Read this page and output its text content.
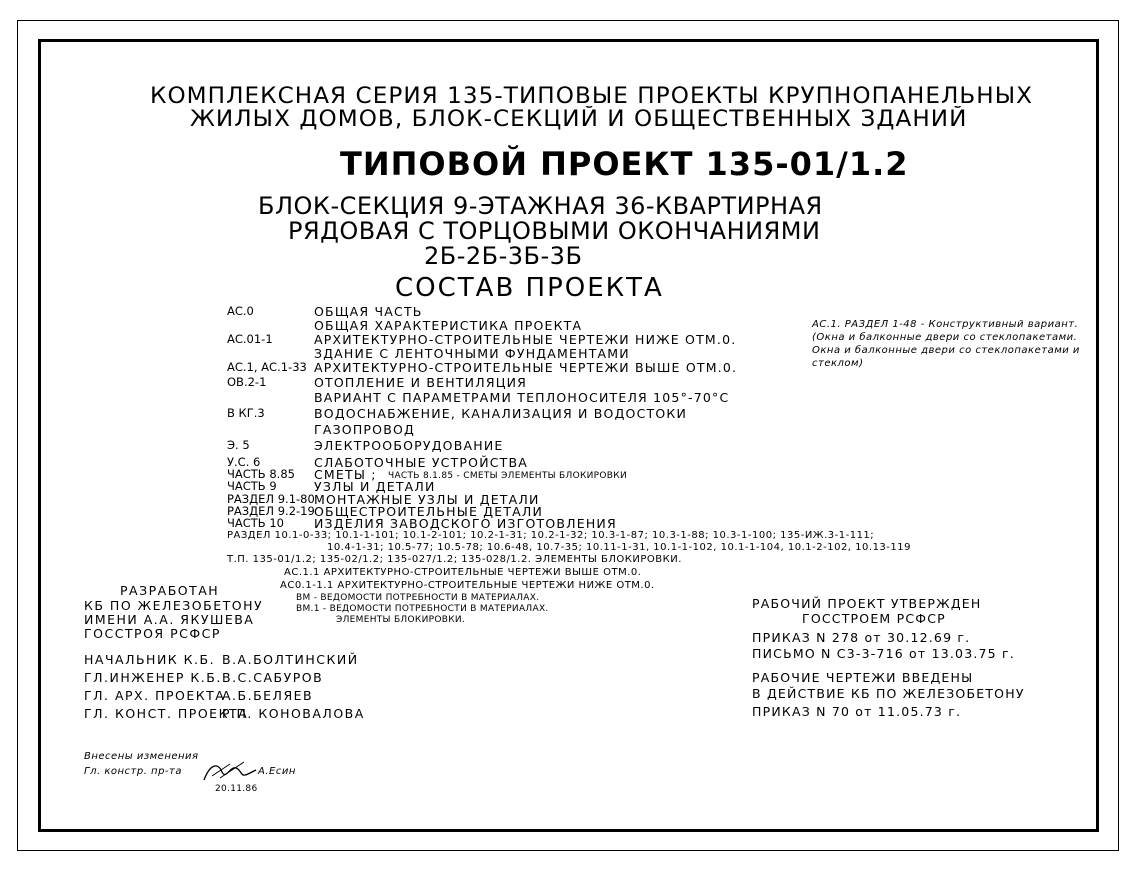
КОМПЛЕКСНАЯ СЕРИЯ 135-ТИПОВЫЕ ПРОЕКТЫ КРУПНОПАНЕЛЬНЫХ
ЖИЛЫХ ДОМОВ, БЛОК-СЕКЦИЙ И ОБЩЕСТВЕННЫХ ЗДАНИЙ
ТИПОВОЙ ПРОЕКТ 135-01/1.2
БЛОК-СЕКЦИЯ 9-ЭТАЖНАЯ 36-КВАРТИРНАЯ
РЯДОВАЯ С ТОРЦОВЫМИ ОКОНЧАНИЯМИ
2Б-2Б-3Б-3Б
СОСТАВ ПРОЕКТА
АС.0	ОБЩАЯ ЧАСТЬ
ОБЩАЯ ХАРАКТЕРИСТИКА ПРОЕКТА
АС.01-1	АРХИТЕКТУРНО-СТРОИТЕЛЬНЫЕ ЧЕРТЕЖИ НИЖЕ ОТМ.0.
ЗДАНИЕ С ЛЕНТОЧНЫМИ ФУНДАМЕНТАМИ
АС.1, АС.1-33 АРХИТЕКТУРНО-СТРОИТЕЛЬНЫЕ ЧЕРТЕЖИ ВЫШЕ ОТМ.0.
ОВ.2-1	ОТОПЛЕНИЕ И ВЕНТИЛЯЦИЯ
ВАРИАНТ С ПАРАМЕТРАМИ ТЕПЛОНОСИТЕЛЯ 105°-70°С
В КГ.3	ВОДОСНАБЖЕНИЕ, КАНАЛИЗАЦИЯ И ВОДОСТОКИ
ГАЗОПРОВОД
Э. 5	ЭЛЕКТРООБОРУДОВАНИЕ
У.С. 6	СЛАБОТОЧНЫЕ УСТРОЙСТВА
ЧАСТЬ 8.85 СМЕТЫ ; ЧАСТЬ 8.1.85 - СМЕТЫ ЭЛЕМЕНТЫ БЛОКИРОВКИ
ЧАСТЬ 9	УЗЛЫ И ДЕТАЛИ
РАЗДЕЛ 9.1-80 МОНТАЖНЫЕ УЗЛЫ И ДЕТАЛИ
РАЗДЕЛ 9.2-19 ОБЩЕСТРОИТЕЛЬНЫЕ ДЕТАЛИ
ЧАСТЬ 10 ИЗДЕЛИЯ ЗАВОДСКОГО ИЗГОТОВЛЕНИЯ
РАЗДЕЛ 10.1-0-33; 10.1-1-101; 10.1-2-101; 10.2-1-31; 10.2-1-32; 10.3-1-87; 10.3-1-88; 10.3-1-100; 135-ИЖ.3-1-111;
10.4-1-31; 10.5-77; 10.5-78; 10.6-48, 10.7-35; 10.11-1-31, 10.1-1-102, 10.1-1-104, 10.1-2-102, 10.13-119
Т.П. 135-01/1.2; 135-02/1.2; 135-027/1.2; 135-028/1.2. ЭЛЕМЕНТЫ БЛОКИРОВКИ.
АС.1.1 АРХИТЕКТУРНО-СТРОИТЕЛЬНЫЕ ЧЕРТЕЖИ ВЫШЕ ОТМ.0.
АС0.1-1.1 АРХИТЕКТУРНО-СТРОИТЕЛЬНЫЕ ЧЕРТЕЖИ НИЖЕ ОТМ.0.
ВМ - ВЕДОМОСТИ ПОТРЕБНОСТИ В МАТЕРИАЛАХ.
ВМ.1 - ВЕДОМОСТИ ПОТРЕБНОСТИ В МАТЕРИАЛАХ.
ЭЛЕМЕНТЫ БЛОКИРОВКИ.
АС.1. РАЗДЕЛ 1-48 - Конструктивный вариант. (Окна и балконные двери со стеклопакетами. Окна и балконные двери со стеклопакетами и стеклом)
РАЗРАБОТАН
КБ ПО ЖЕЛЕЗОБЕТОНУ
ИМЕНИ А.А. ЯКУШЕВА
ГОССТРОЯ РСФСР
НАЧАЛЬНИК К.Б. В.А.БОЛТИНСКИЙ
ГЛ.ИНЖЕНЕР К.Б. В.С.САБУРОВ
ГЛ. АРХ. ПРОЕКТА
А.Б.БЕЛЯЕВ
ГЛ. КОНСТ. ПРОЕКТА
Р.П. КОНОВАЛОВА
РАБОЧИЙ ПРОЕКТ УТВЕРЖДЕН
ГОССТРОЕМ РСФСР
ПРИКАЗ N 278 от 30.12.69 г.
ПИСЬМО N С3-3-716 от 13.03.75 г.
РАБОЧИЕ ЧЕРТЕЖИ ВВЕДЕНЫ
В ДЕЙСТВИЕ КБ ПО ЖЕЛЕЗОБЕТОНУ
ПРИКАЗ N 70 от 11.05.73 г.
Внесены изменения
Гл. констр. пр-та	А.Есин
20.11.86
